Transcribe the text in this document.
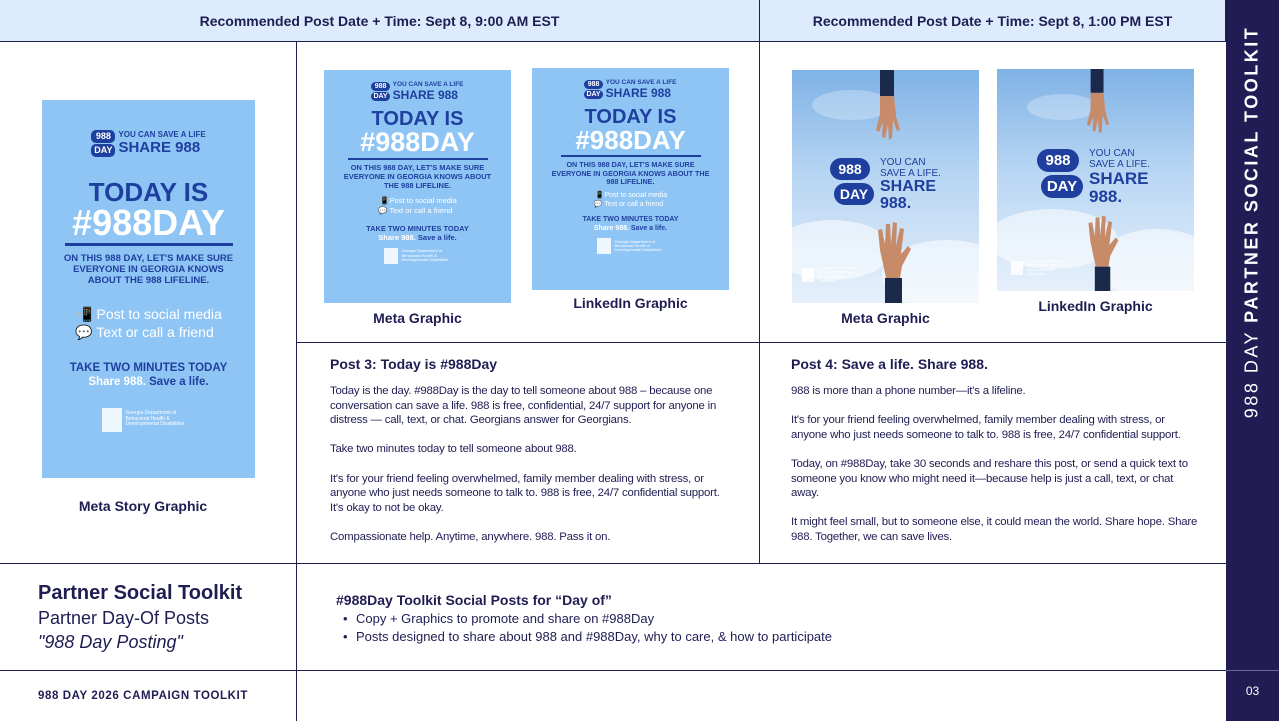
Recommended Post Date + Time: Sept 8, 9:00 AM EST	Recommended Post Date + Time: Sept 8, 1:00 PM EST
988 DAY PARTNER SOCIAL TOOLKIT
03
988
DAY
YOU CAN SAVE A LIFE
SHARE 988
TODAY IS
#988DAY
ON THIS 988 DAY, LET'S MAKE SURE EVERYONE IN GEORGIA KNOWS ABOUT THE 988 LIFELINE.
📲 Post to social media
💬 Text or call a friend
TAKE TWO MINUTES TODAY
Share 988. Save a life.
Georgia Department of Behavioral Health & Developmental Disabilities
Meta Story Graphic
988
DAY
YOU CAN SAVE A LIFE
SHARE 988
TODAY IS
#988DAY
ON THIS 988 DAY, LET'S MAKE SURE EVERYONE IN GEORGIA KNOWS ABOUT THE 988 LIFELINE.
📲 Post to social media
💬 Text or call a friend
TAKE TWO MINUTES TODAY
Share 988. Save a life.
Georgia Department of Behavioral Health & Developmental Disabilities
Meta Graphic
988
DAY
YOU CAN SAVE A LIFE
SHARE 988
TODAY IS
#988DAY
ON THIS 988 DAY, LET'S MAKE SURE EVERYONE IN GEORGIA KNOWS ABOUT THE 988 LIFELINE.
📲 Post to social media
💬 Text or call a friend
TAKE TWO MINUTES TODAY
Share 988. Save a life.
Georgia Department of Behavioral Health & Developmental Disabilities
LinkedIn Graphic
988
DAY
YOU CAN
SAVE A LIFE.
SHARE
988.
Georgia Department of Behavioral Health & Developmental Disabilities
Meta Graphic
988
DAY
YOU CAN
SAVE A LIFE.
SHARE
988.
Georgia Department of Behavioral Health & Developmental Disabilities
LinkedIn Graphic
Post 3: Today is #988Day

Today is the day. #988Day is the day to tell someone about 988 – because one conversation can save a life. 988 is free, confidential, 24/7 support for anyone in distress — call, text, or chat. Georgians answer for Georgians.

Take two minutes today to tell someone about 988.

It's for your friend feeling overwhelmed, family member dealing with stress, or anyone who just needs someone to talk to. 988 is free, 24/7 confidential support. It's okay to not be okay.

Compassionate help. Anytime, anywhere. 988. Pass it on.

Post 4: Save a life. Share 988.

988 is more than a phone number—it's a lifeline.

It's for your friend feeling overwhelmed, family member dealing with stress, or anyone who just needs someone to talk to. 988 is free, 24/7 confidential support.

Today, on #988Day, take 30 seconds and reshare this post, or send a quick text to someone you know who might need it—because help is just a call, text, or chat away.

It might feel small, but to someone else, it could mean the world. Share hope. Share 988. Together, we can save lives.

Partner Social Toolkit
Partner Day-Of Posts
"988 Day Posting"
#988Day Toolkit Social Posts for “Day of”
• Copy + Graphics to promote and share on #988Day
• Posts designed to share about 988 and #988Day, why to care, & how to participate
988 DAY 2026 CAMPAIGN TOOLKIT
